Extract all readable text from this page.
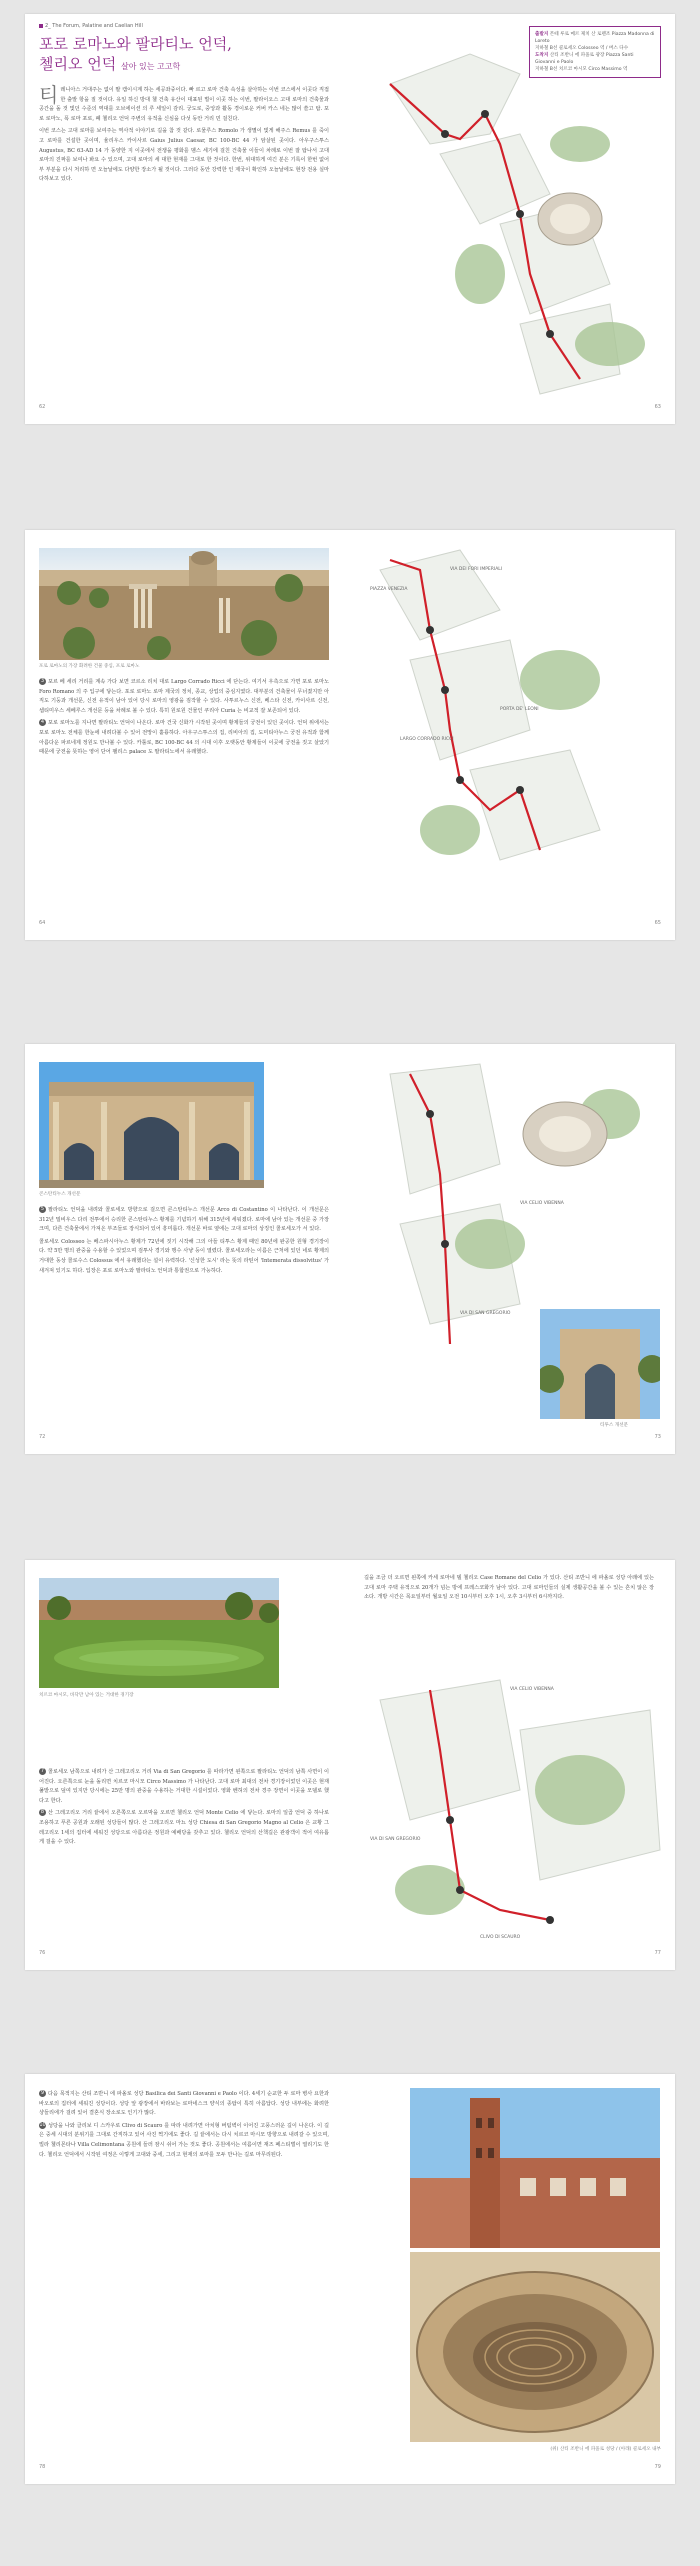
2_ The Forum, Palatine and Caelian Hill
포로 로마노와 팔라티노 언덕,
첼리오 언덕 살아 있는 고고학

티레니아스 거대주는 없이 팔 캠이시계 하는 세공좌중이다. 빠 르고 로마 건축 속성을 살아하는 이번 코스에서 이곳다 직접 한 출발 항을 질 것이다. 유일 하신 방대 첼 건축 유산이 대표된 벌이 이곳 하는 이번, 팔라이오스 고대 로마의 건축물과 공간을 돌 것 빛던 수준의 역대를 오브에이션 의 루 세일이 감리. 궁도로, 중앙과 활동 경이로운 커버 카스 네는 많이 쓸고 탑. 포로 로마노, 폭 로마 포로, 폐 첼리오 언덕 주변의 유적을 신심을 다섯 동안 거리 민 걸친다.

이번 코스는 고대 로마를 보여주는 역사적 이야기로 길을 참 것 같다. 로물루스 Romolo 가 생멸이 빛게 해주스 Remus 를 죽이고 로마를 건설한 곳이며, 율리우스 카이사르 Gaius Julius Caesar, BC 100-BC 44 가 암살된 곳이다. 아우구스투스 Augustus, BC 63-AD 14 가 동양한 지 이곳에서 전쟁을 평화를 멤스 세기에 걸친 건축물 이들이 차례로 이번 잘 탑나서 고대 로마의 진짜를 보여나 봐요 수 있으며, 고대 로마의 세 대한 현재를 그대로 한 것이다. 한번, 위대하게 여긴 분은 기록이 한번 없어 부 부분을 다시 처리하 면 오늘날에도 다양한 장소가 될 것이다. 그러다 동안 강력한 인 제국이 확인하 오늘날에도 현장 전용 실마 다하보고 있다.

62
출발지 몬떼 루로 메르 제치 산 로렌조 Piazza Madonna di Loreto
지하철 B선 콜로세오 Colosseo 역 / 버스 다수
도착지 산티 조반니 에 파올로 광장 Piazza Santi Giovanni e Paolo
지하철 B선 치르코 마시모 Circo Massimo 역
63
포로 로마노의 가장 화려한 건물 중심, 포로 로마노

3 포르 베 세리 거리를 계속 가다 보면 코르소 리치 대로 Largo Corrado Ricci 에 닫는다. 여기서 우측으로 가면 포로 로마노 Foro Romano 의 주 입구에 닿는다. 포로 로마노 로마 제국의 정치, 종교, 상업의 중심지였다. 대부분의 건축물이 무너졌지만 아직도 기둥과 개선문, 신전 유적이 남아 있어 당시 로마의 영광을 짐작할 수 있다. 사투르누스 신전, 베스타 신전, 카이사르 신전, 셉티미우스 세베루스 개선문 등을 차례로 볼 수 있다. 특히 원로원 건물인 쿠리아 Curia 는 비교적 잘 보존되어 있다.

4 포로 로마노를 지나면 팔라티노 언덕이 나온다. 로마 건국 신화가 시작된 곳이며 황제들의 궁전이 있던 곳이다. 언덕 위에서는 포로 로마노 전체를 한눈에 내려다볼 수 있어 전망이 훌륭하다. 아우구스투스의 집, 리비아의 집, 도미티아누스 궁전 유적과 함께 아름다운 파르네제 정원도 만나볼 수 있다. 카툴로, BC 100-BC 44 의 시대 이후 오랫동안 황제들이 이곳에 궁전을 짓고 살았기 때문에 궁전을 뜻하는 영어 단어 팰리스 palace 도 팔라티노에서 유래했다.

64
VIA DEI FORI IMPERIALI
PIAZZA VENEZIA
LARGO CORRADO RICCI
PORTA DE' LEONI
65
콘스탄티누스 개선문

5 팔라티노 언덕을 내려와 콜로세오 방향으로 걸으면 콘스탄티누스 개선문 Arco di Costantino 이 나타난다. 이 개선문은 312년 밀비우스 다리 전투에서 승리한 콘스탄티누스 황제를 기념하기 위해 315년에 세워졌다. 로마에 남아 있는 개선문 중 가장 크며, 다른 건축물에서 가져온 부조들로 장식되어 있어 흥미롭다. 개선문 바로 옆에는 고대 로마의 상징인 콜로세오가 서 있다.

콜로세오 Colosseo 는 베스파시아누스 황제가 72년에 짓기 시작해 그의 아들 티투스 황제 때인 80년에 완공한 원형 경기장이다. 약 5만 명의 관중을 수용할 수 있었으며 검투사 경기와 맹수 사냥 등이 열렸다. 콜로세오라는 이름은 근처에 있던 네로 황제의 거대한 동상 콜로수스 Colossus 에서 유래했다는 설이 유력하다. '신성한 도시' 라는 뜻의 라틴어 'Intemerata dissolvitus' 가 새겨져 있기도 하다. 입장은 포로 로마노와 팔라티노 언덕과 통합권으로 가능하다.

72
VIA CELIO VIBENNA
VIA DI SAN GREGORIO
티투스 개선문
73
치르코 마시모, 바닥만 남아 있는 거대한 경기장

7 콜로세오 남쪽으로 내려가 산 그레고리오 거리 Via di San Gregorio 를 따라가면 왼쪽으로 팔라티노 언덕의 남쪽 사면이 이어진다. 오른쪽으로 눈을 돌리면 치르코 마시모 Circo Massimo 가 나타난다. 고대 로마 최대의 전차 경기장이었던 이곳은 현재 풀밭으로 덮여 있지만 당시에는 25만 명의 관중을 수용하는 거대한 시설이었다. 영화 벤허의 전차 경주 장면이 이곳을 모델로 했다고 한다.

8 산 그레고리오 거리 끝에서 오른쪽으로 오르막을 오르면 첼리오 언덕 Monte Celio 에 닿는다. 로마의 일곱 언덕 중 하나로 조용하고 푸른 공원과 오래된 성당들이 많다. 산 그레고리오 마뇨 성당 Chiesa di San Gregorio Magno al Celio 은 교황 그레고리오 1세의 집터에 세워진 성당으로 아름다운 정원과 예배당을 갖추고 있다. 첼리오 언덕의 산책길은 관광객이 적어 여유롭게 걸을 수 있다.

76

길을 조금 더 오르면 왼쪽에 카세 로마네 델 첼리오 Case Romane del Celio 가 있다. 산티 조반니 에 파올로 성당 아래에 있는 고대 로마 주택 유적으로 20개가 넘는 방에 프레스코화가 남아 있다. 고대 로마인들의 실제 생활공간을 볼 수 있는 흔치 않은 장소다. 개방 시간은 목요일부터 월요일 오전 10시부터 오후 1시, 오후 3시부터 6시까지다.

VIA CELIO VIBENNA
CLIVO DI SCAURO
VIA DI SAN GREGORIO
77

9 다음 목적지는 산티 조반니 에 파올로 성당 Basilica dei Santi Giovanni e Paolo 이다. 4세기 순교한 두 로마 병사 요한과 바오로의 집터에 세워진 성당이다. 성당 앞 광장에서 바라보는 로마네스크 양식의 종탑이 특히 아름답다. 성당 내부에는 화려한 샹들리에가 걸려 있어 결혼식 장소로도 인기가 많다.

10 성당을 나와 클리보 디 스카우로 Clivo di Scauro 를 따라 내려가면 아치형 버팀벽이 이어진 고풍스러운 길이 나온다. 이 길은 중세 시대의 분위기를 그대로 간직하고 있어 사진 찍기에도 좋다. 길 끝에서는 다시 치르코 마시모 방향으로 내려갈 수 있으며, 빌라 첼리몬타나 Villa Celimontana 공원에 들러 잠시 쉬어 가는 것도 좋다. 공원에서는 여름이면 재즈 페스티벌이 열리기도 한다. 첼리오 언덕에서 시작된 여정은 이렇게 고대와 중세, 그리고 현재의 로마를 모두 만나는 길로 마무리된다.

78
(위) 산티 조반니 에 파올로 성당 / (아래) 콜로세오 내부
79
